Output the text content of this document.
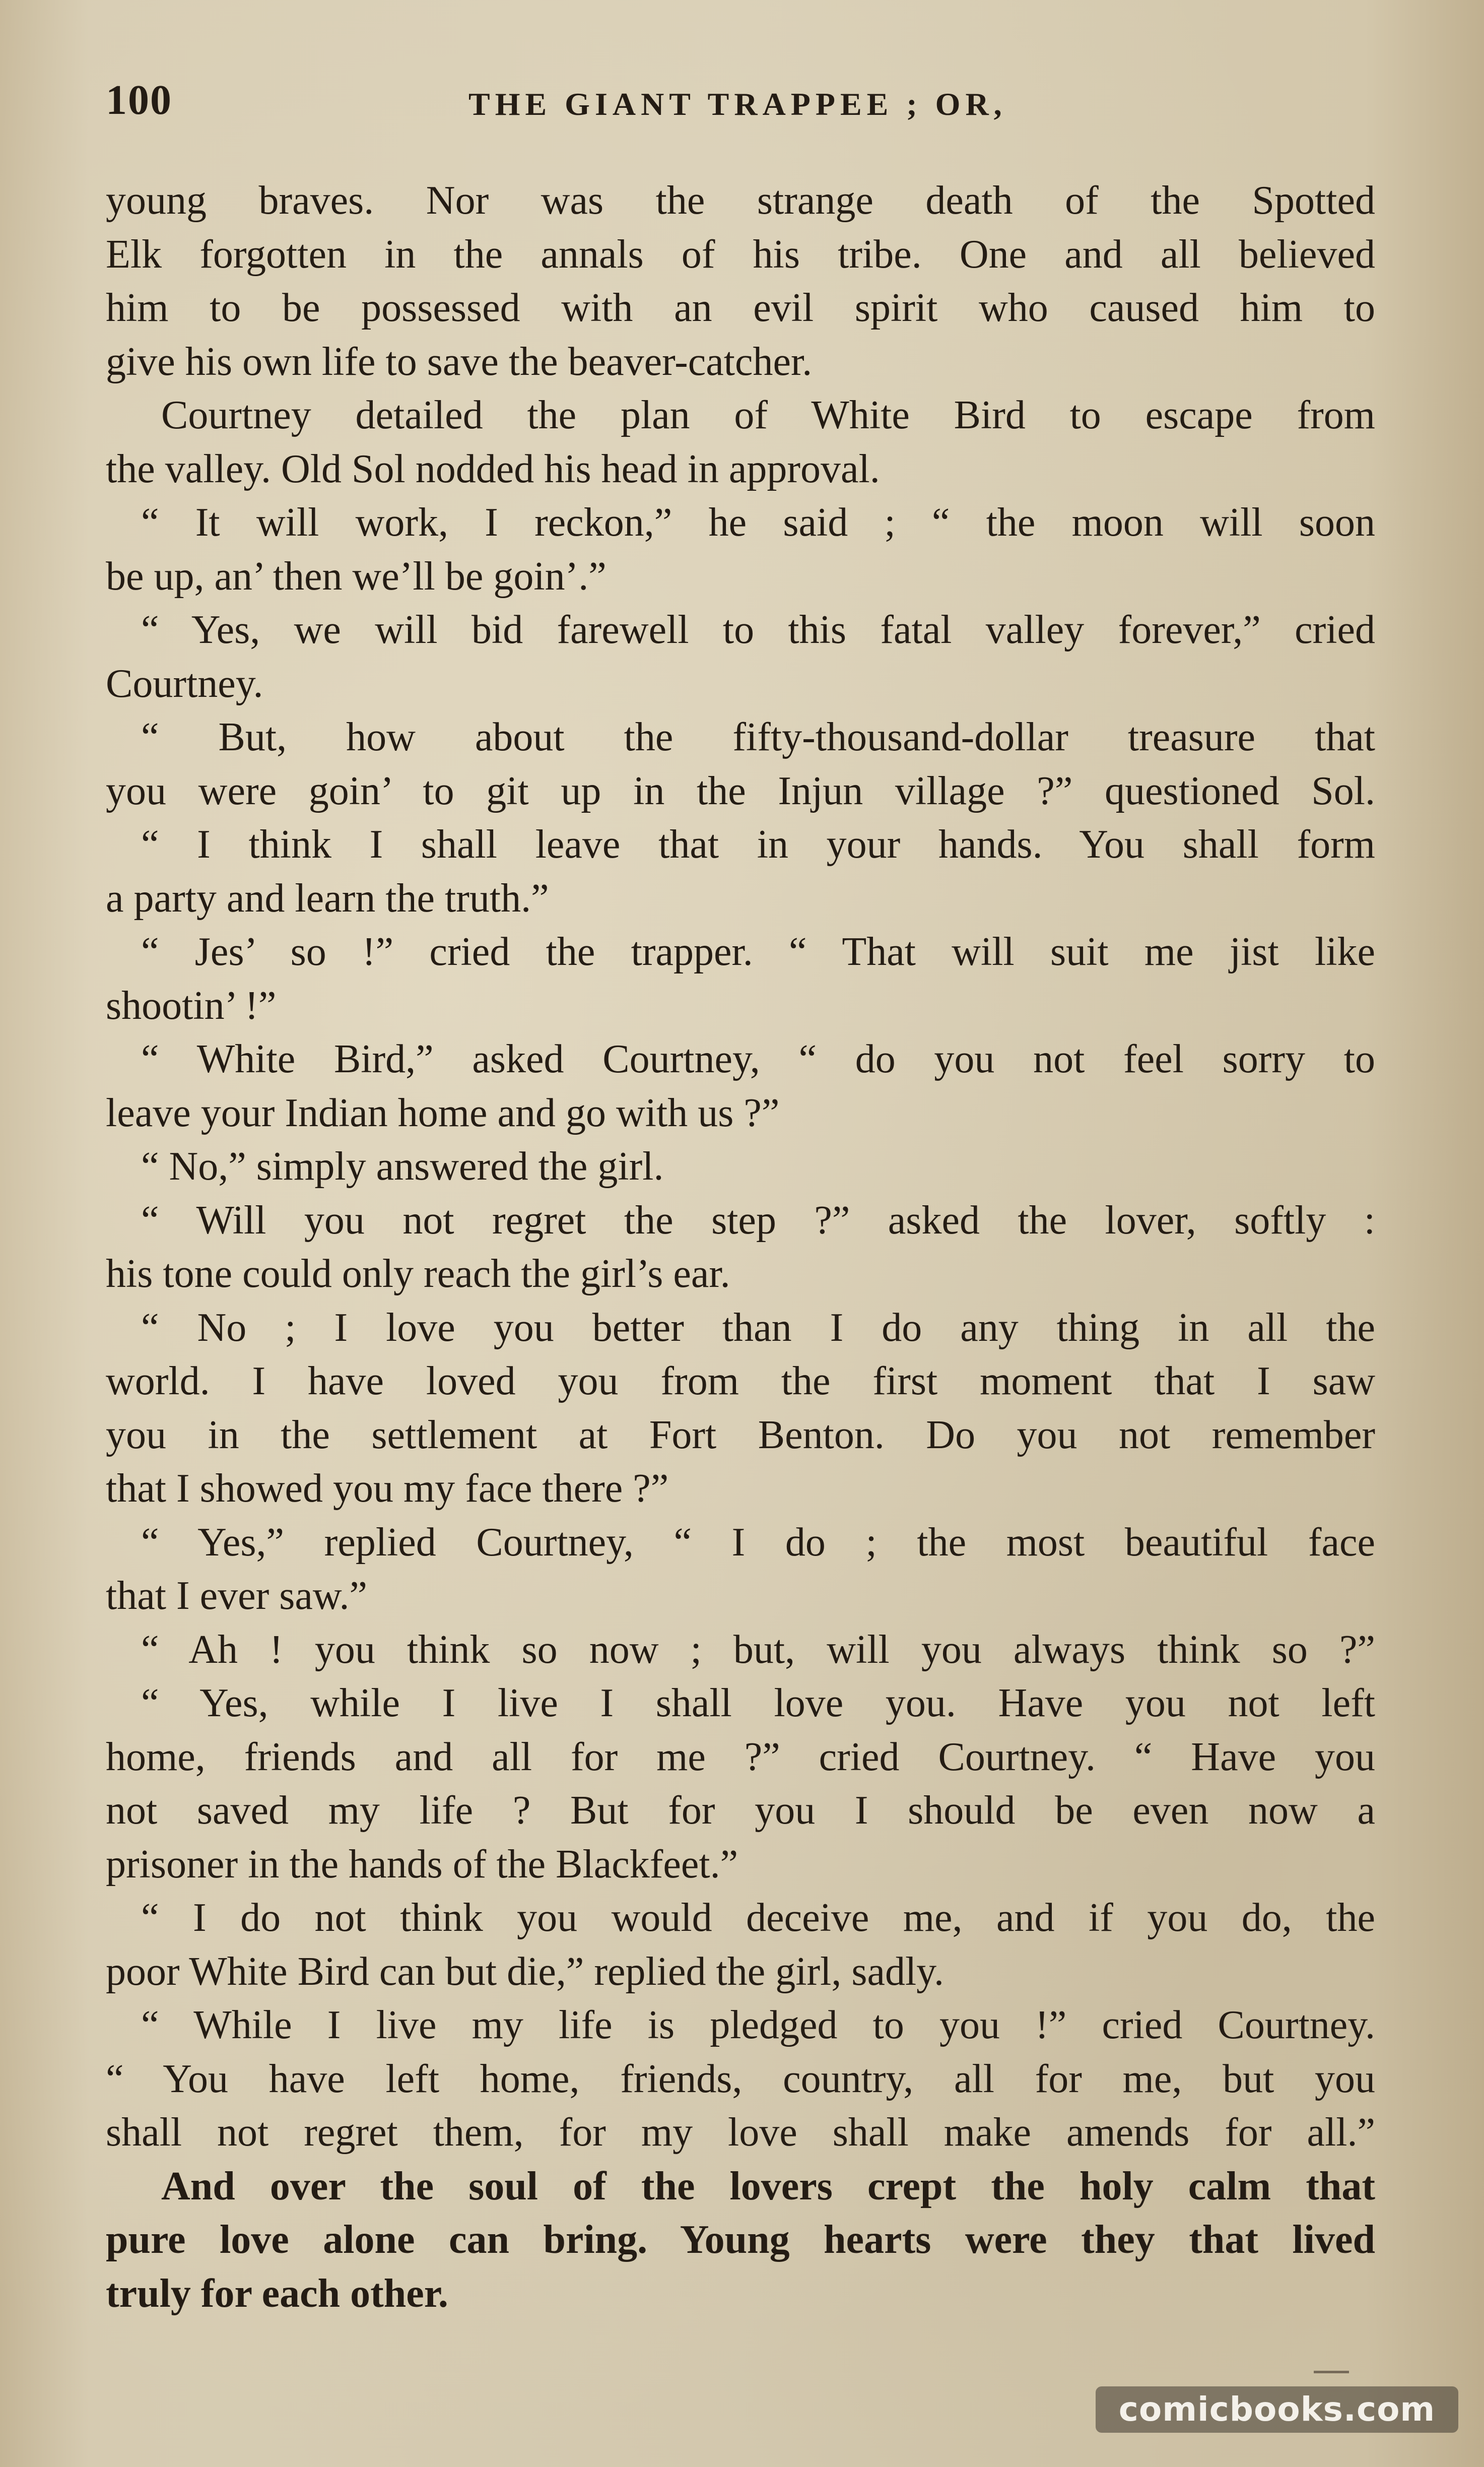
100	THE GIANT TRAPPEE ; OR,
young braves. Nor was the strange death of the Spotted
Elk forgotten in the annals of his tribe. One and all believed
him to be possessed with an evil spirit who caused him to
give his own life to save the beaver-catcher.
Courtney detailed the plan of White Bird to escape from
the valley. Old Sol nodded his head in approval.
“ It will work, I reckon,” he said ; “ the moon will soon
be up, an’ then we’ll be goin’.”
“ Yes, we will bid farewell to this fatal valley forever,” cried
Courtney.
“ But, how about the fifty-thousand-dollar treasure that
you were goin’ to git up in the Injun village ?” questioned Sol.
“ I think I shall leave that in your hands. You shall form
a party and learn the truth.”
“ Jes’ so !” cried the trapper. “ That will suit me jist like
shootin’ !”
“ White Bird,” asked Courtney, “ do you not feel sorry to
leave your Indian home and go with us ?”
“ No,” simply answered the girl.
“ Will you not regret the step ?” asked the lover, softly :
his tone could only reach the girl’s ear.
“ No ; I love you better than I do any thing in all the
world. I have loved you from the first moment that I saw
you in the settlement at Fort Benton. Do you not remember
that I showed you my face there ?”
“ Yes,” replied Courtney, “ I do ; the most beautiful face
that I ever saw.”
“ Ah ! you think so now ; but, will you always think so ?”
“ Yes, while I live I shall love you. Have you not left
home, friends and all for me ?” cried Courtney. “ Have you
not saved my life ? But for you I should be even now a
prisoner in the hands of the Blackfeet.”
“ I do not think you would deceive me, and if you do, the
poor White Bird can but die,” replied the girl, sadly.
“ While I live my life is pledged to you !” cried Courtney.
“ You have left home, friends, country, all for me, but you
shall not regret them, for my love shall make amends for all.”
And over the soul of the lovers crept the holy calm that
pure love alone can bring. Young hearts were they that lived
truly for each other.
comicbooks.com
